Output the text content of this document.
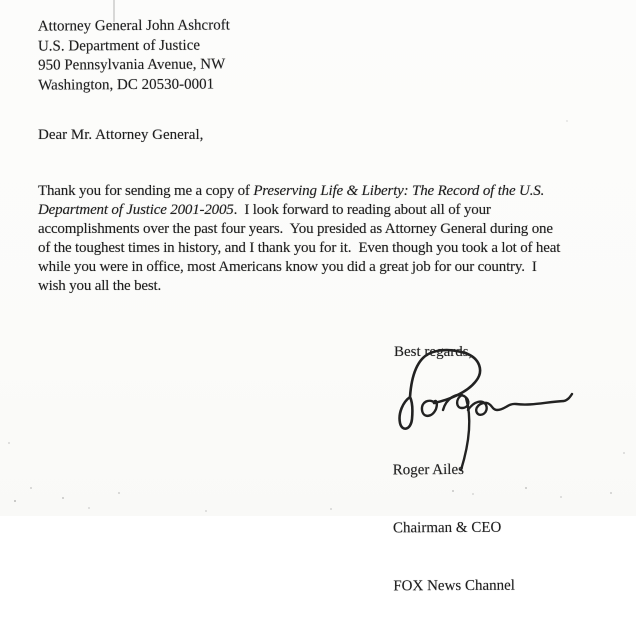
Attorney General John Ashcroft
U.S. Department of Justice
950 Pennsylvania Avenue, NW
Washington, DC 20530-0001
Dear Mr. Attorney General,
Thank you for sending me a copy of Preserving Life & Liberty: The Record of the U.S.
Department of Justice 2001-2005.  I look forward to reading about all of your
accomplishments over the past four years.  You presided as Attorney General during one
of the toughest times in history, and I thank you for it.  Even though you took a lot of heat
while you were in office, most Americans know you did a great job for our country.  I
wish you all the best.
Best regards,

Roger Ailes

Chairman & CEO

FOX News Channel
